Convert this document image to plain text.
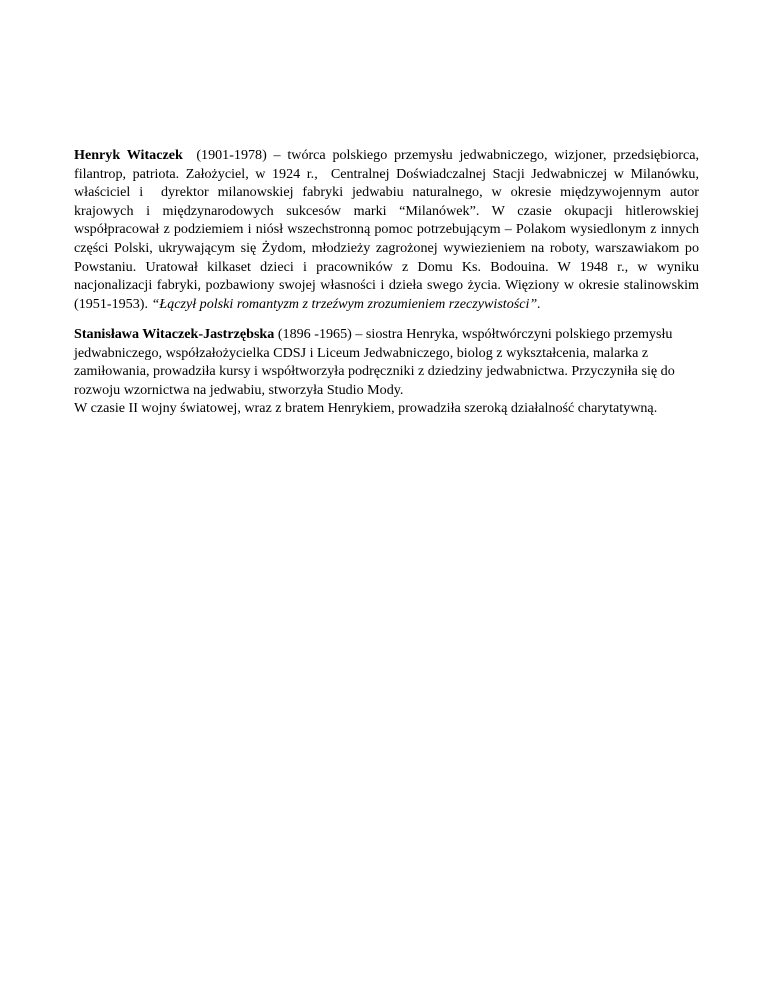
Henryk Witaczek  (1901-1978) – twórca polskiego przemysłu jedwabniczego, wizjoner, przedsiębiorca, filantrop, patriota. Założyciel, w 1924 r.,  Centralnej Doświadczalnej Stacji Jedwabniczej w Milanówku, właściciel i  dyrektor milanowskiej fabryki jedwabiu naturalnego, w okresie międzywojennym autor krajowych i międzynarodowych sukcesów marki “Milanówek”. W czasie okupacji hitlerowskiej współpracował z podziemiem i niósł wszechstronną pomoc potrzebującym – Polakom wysiedlonym z innych części Polski, ukrywającym się Żydom, młodzieży zagrożonej wywiezieniem na roboty, warszawiakom po Powstaniu. Uratował kilkaset dzieci i pracowników z Domu Ks. Bodouina. W 1948 r., w wyniku nacjonalizacji fabryki, pozbawiony swojej własności i dzieła swego życia. Więziony w okresie stalinowskim (1951-1953). “Łączył polski romantyzm z trzeźwym zrozumieniem rzeczywistości”.

Stanisława Witaczek-Jastrzębska (1896 -1965) – siostra Henryka, współtwórczyni polskiego przemysłu jedwabniczego, współzałożycielka CDSJ i Liceum Jedwabniczego, biolog z wykształcenia, malarka z zamiłowania, prowadziła kursy i współtworzyła podręczniki z dziedziny jedwabnictwa. Przyczyniła się do rozwoju wzornictwa na jedwabiu, stworzyła Studio Mody.
W czasie II wojny światowej, wraz z bratem Henrykiem, prowadziła szeroką działalność charytatywną.
